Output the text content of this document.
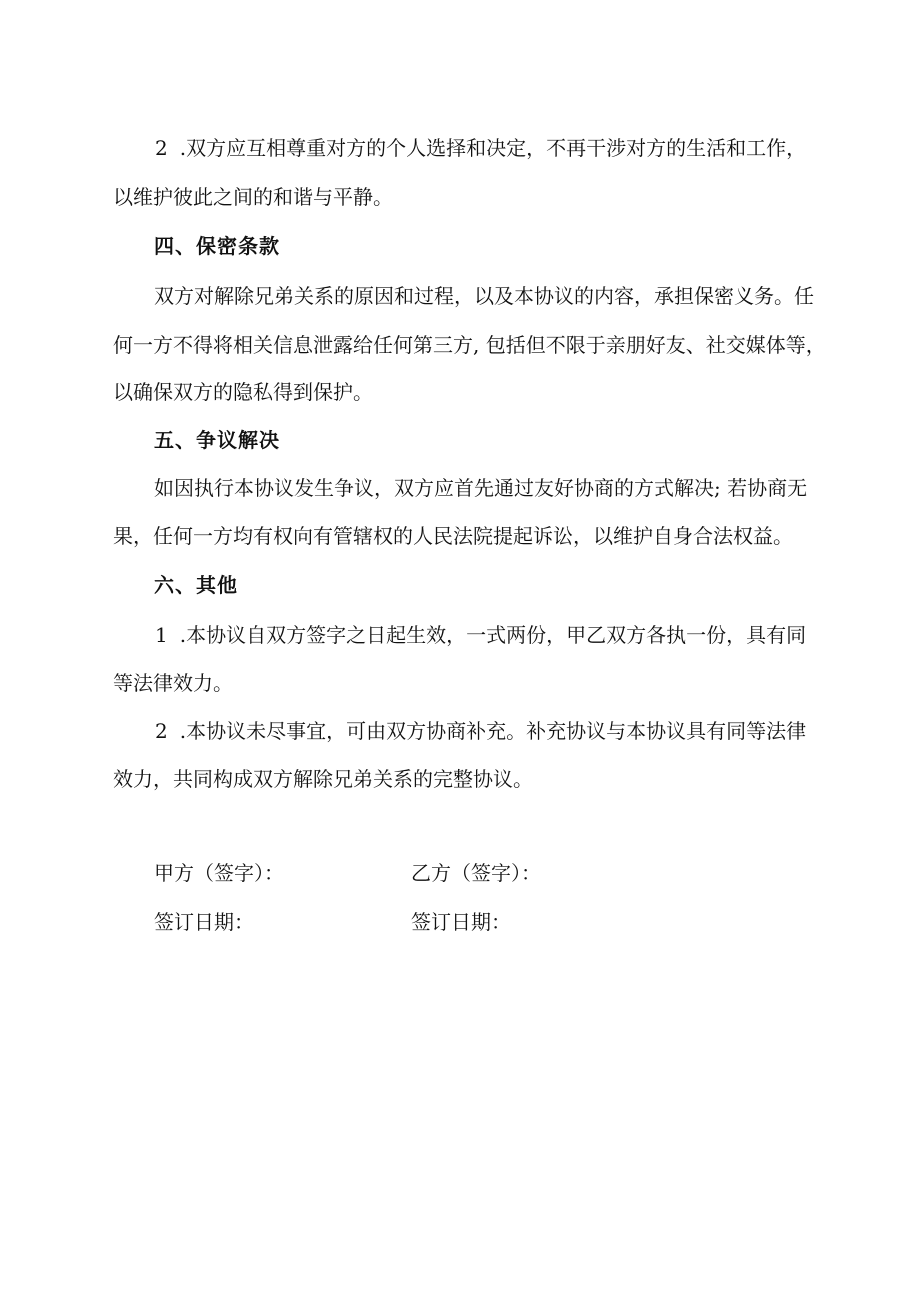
2 .双方应互相尊重对方的个人选择和决定，不再干涉对方的生活和工作，
以维护彼此之间的和谐与平静。
四、保密条款
双方对解除兄弟关系的原因和过程，以及本协议的内容，承担保密义务。任
何一方不得将相关信息泄露给任何第三方, 包括但不限于亲朋好友、社交媒体等，
以确保双方的隐私得到保护。
五、争议解决
如因执行本协议发生争议，双方应首先通过友好协商的方式解决; 若协商无
果，任何一方均有权向有管辖权的人民法院提起诉讼，以维护自身合法权益。
六、其他
1 .本协议自双方签字之日起生效，一式两份，甲乙双方各执一份，具有同
等法律效力。
2 .本协议未尽事宜，可由双方协商补充。补充协议与本协议具有同等法律
效力，共同构成双方解除兄弟关系的完整协议。
甲方（签字）：	乙方（签字）：
签订日期：	签订日期：
